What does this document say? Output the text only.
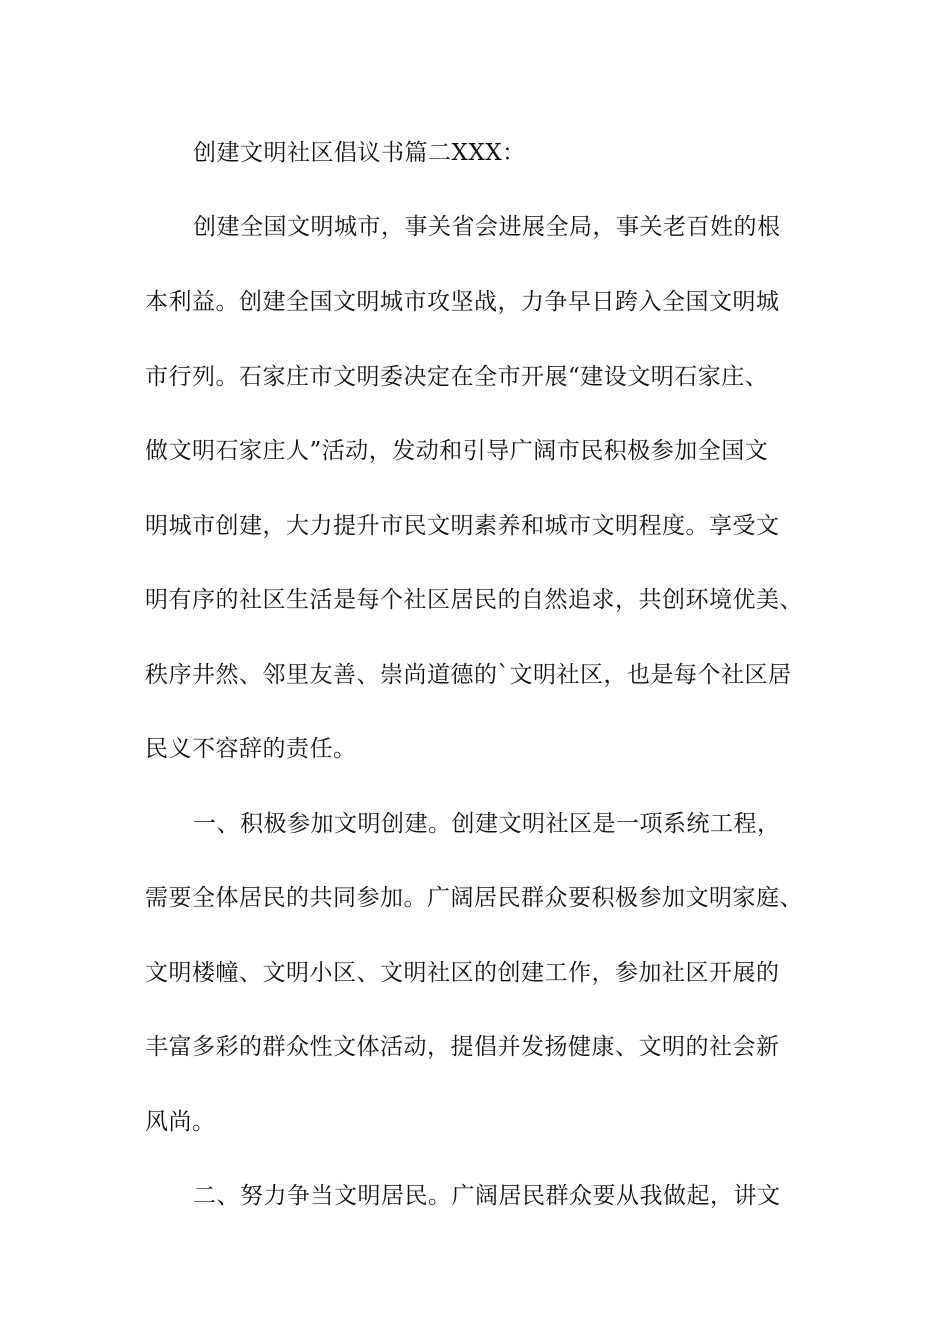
创建文明社区倡议书篇二XXX：
创建全国文明城市，事关省会进展全局，事关老百姓的根
本利益。创建全国文明城市攻坚战，力争早日跨入全国文明城
市行列。石家庄市文明委决定在全市开展“建设文明石家庄、
做文明石家庄人”活动，发动和引导广阔市民积极参加全国文
明城市创建，大力提升市民文明素养和城市文明程度。享受文
明有序的社区生活是每个社区居民的自然追求，共创环境优美、
秩序井然、邻里友善、崇尚道德的`文明社区，也是每个社区居
民义不容辞的责任。
一、积极参加文明创建。创建文明社区是一项系统工程，
需要全体居民的共同参加。广阔居民群众要积极参加文明家庭、
文明楼幢、文明小区、文明社区的创建工作，参加社区开展的
丰富多彩的群众性文体活动，提倡并发扬健康、文明的社会新
风尚。
二、努力争当文明居民。广阔居民群众要从我做起，讲文
